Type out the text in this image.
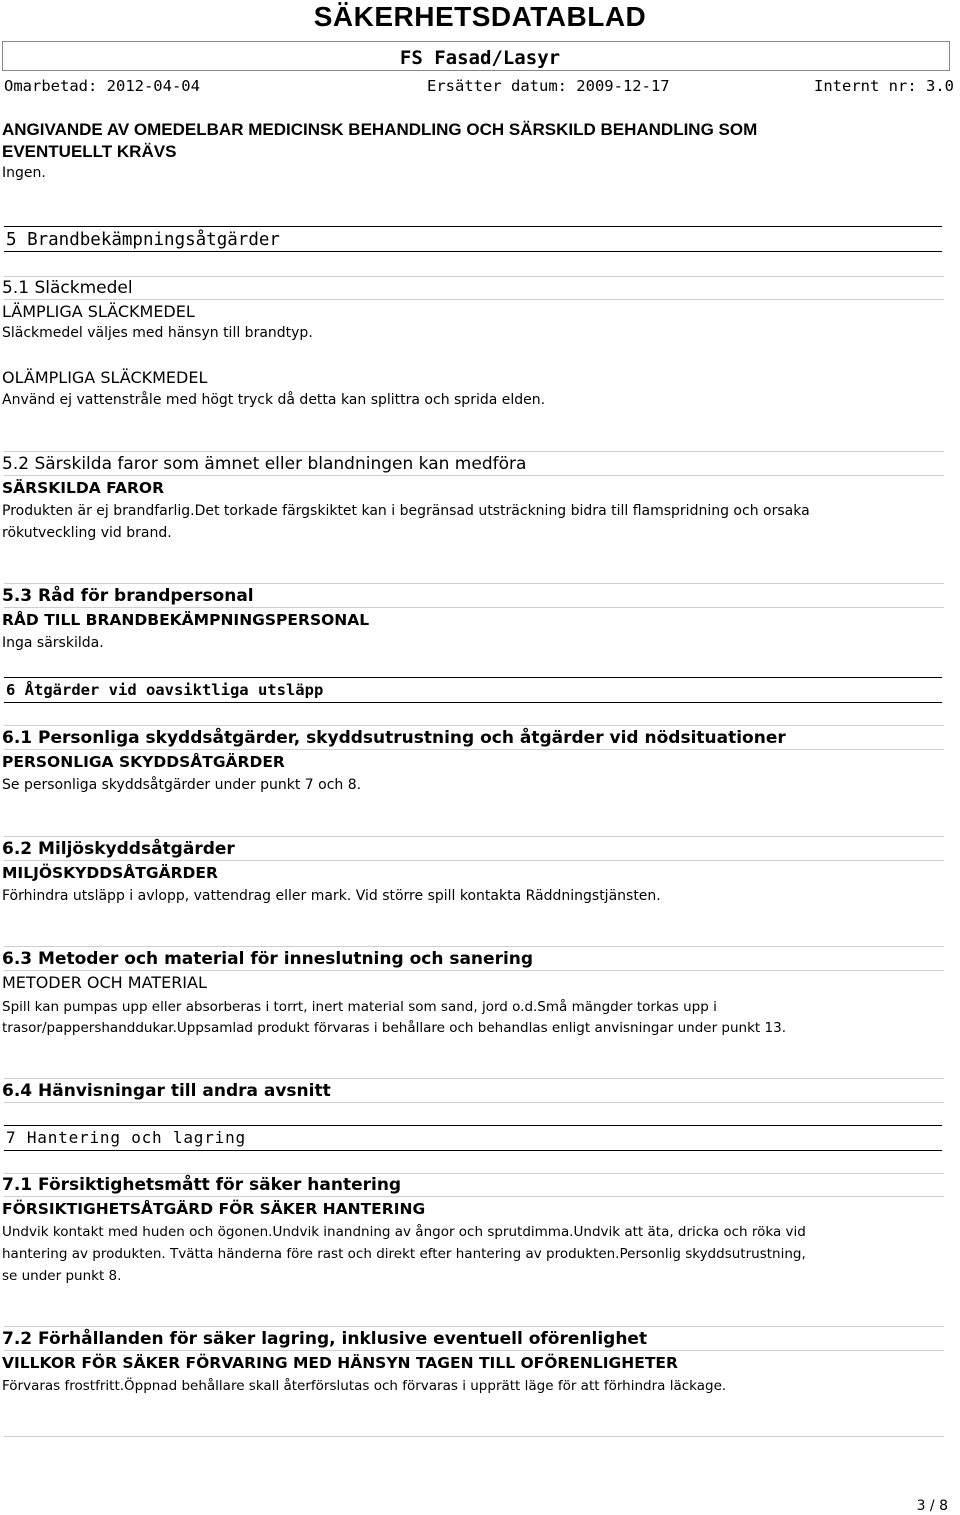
SÄKERHETSDATABLAD
FS Fasad/Lasyr
Omarbetad: 2012-04-04	Ersätter datum: 2009-12-17	Internt nr: 3.0
ANGIVANDE AV OMEDELBAR MEDICINSK BEHANDLING OCH SÄRSKILD BEHANDLING SOM
EVENTUELLT KRÄVS
Ingen.
5 Brandbekämpningsåtgärder
5.1 Släckmedel
LÄMPLIGA SLÄCKMEDEL
Släckmedel väljes med hänsyn till brandtyp.
OLÄMPLIGA SLÄCKMEDEL
Använd ej vattenstråle med högt tryck då detta kan splittra och sprida elden.
5.2 Särskilda faror som ämnet eller blandningen kan medföra
SÄRSKILDA FAROR
Produkten är ej brandfarlig.Det torkade färgskiktet kan i begränsad utsträckning bidra till flamspridning och orsaka
rökutveckling vid brand.
5.3 Råd för brandpersonal
RÅD TILL BRANDBEKÄMPNINGSPERSONAL
Inga särskilda.
6 Åtgärder vid oavsiktliga utsläpp
6.1 Personliga skyddsåtgärder, skyddsutrustning och åtgärder vid nödsituationer
PERSONLIGA SKYDDSÅTGÄRDER
Se personliga skyddsåtgärder under punkt 7 och 8.
6.2 Miljöskyddsåtgärder
MILJÖSKYDDSÅTGÄRDER
Förhindra utsläpp i avlopp, vattendrag eller mark. Vid större spill kontakta Räddningstjänsten.
6.3 Metoder och material för inneslutning och sanering
METODER OCH MATERIAL
Spill kan pumpas upp eller absorberas i torrt, inert material som sand, jord o.d.Små mängder torkas upp i
trasor/pappershanddukar.Uppsamlad produkt förvaras i behållare och behandlas enligt anvisningar under punkt 13.
6.4 Hänvisningar till andra avsnitt
7 Hantering och lagring
7.1 Försiktighetsmått för säker hantering
FÖRSIKTIGHETSÅTGÄRD FÖR SÄKER HANTERING
Undvik kontakt med huden och ögonen.Undvik inandning av ångor och sprutdimma.Undvik att äta, dricka och röka vid
hantering av produkten. Tvätta händerna före rast och direkt efter hantering av produkten.Personlig skyddsutrustning,
se under punkt 8.
7.2 Förhållanden för säker lagring, inklusive eventuell oförenlighet
VILLKOR FÖR SÄKER FÖRVARING MED HÄNSYN TAGEN TILL OFÖRENLIGHETER
Förvaras frostfritt.Öppnad behållare skall återförslutas och förvaras i upprätt läge för att förhindra läckage.
3 / 8
